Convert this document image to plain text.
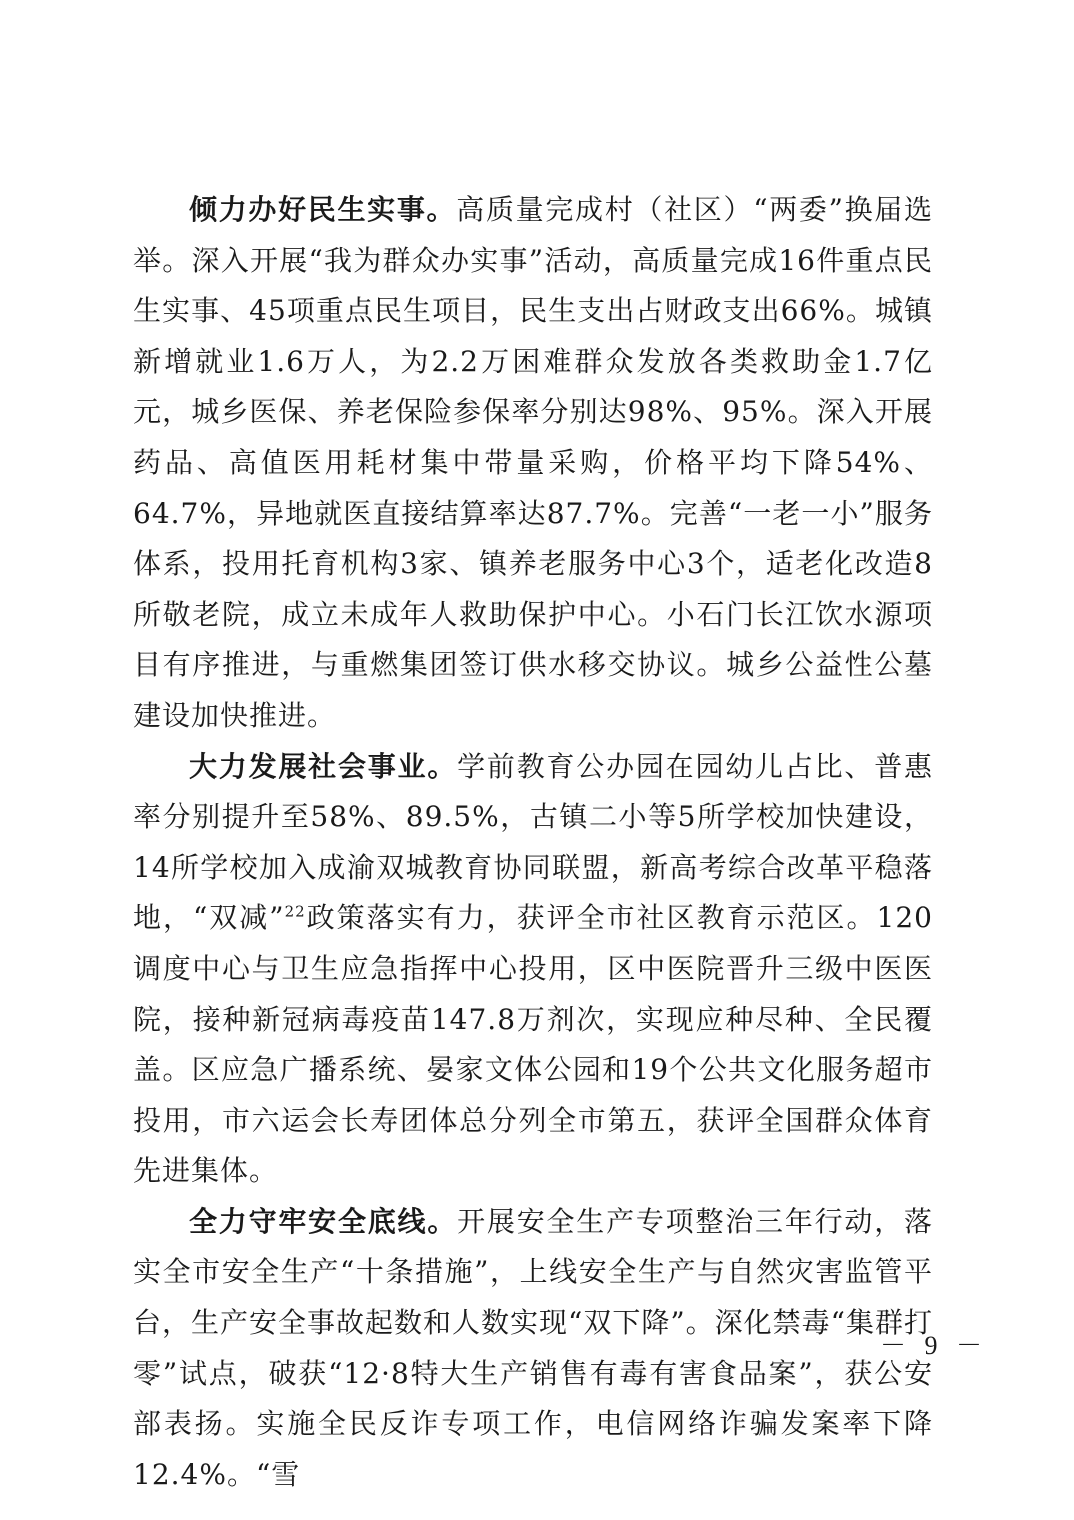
倾力办好民生实事。高质量完成村（社区）“两委”换届选举。深入开展“我为群众办实事”活动，高质量完成16件重点民生实事、45项重点民生项目，民生支出占财政支出66%。城镇新增就业1.6万人，为2.2万困难群众发放各类救助金1.7亿元，城乡医保、养老保险参保率分别达98%、95%。深入开展药品、高值医用耗材集中带量采购，价格平均下降54%、64.7%，异地就医直接结算率达87.7%。完善“一老一小”服务体系，投用托育机构3家、镇养老服务中心3个，适老化改造8所敬老院，成立未成年人救助保护中心。小石门长江饮水源项目有序推进，与重燃集团签订供水移交协议。城乡公益性公墓建设加快推进。

大力发展社会事业。学前教育公办园在园幼儿占比、普惠率分别提升至58%、89.5%，古镇二小等5所学校加快建设，14所学校加入成渝双城教育协同联盟，新高考综合改革平稳落地，“双减”$^{22}$政策落实有力，获评全市社区教育示范区。120调度中心与卫生应急指挥中心投用，区中医院晋升三级中医医院，接种新冠病毒疫苗147.8万剂次，实现应种尽种、全民覆盖。区应急广播系统、晏家文体公园和19个公共文化服务超市投用，市六运会长寿团体总分列全市第五，获评全国群众体育先进集体。

全力守牢安全底线。开展安全生产专项整治三年行动，落实全市安全生产“十条措施”，上线安全生产与自然灾害监管平台，生产安全事故起数和人数实现“双下降”。深化禁毒“集群打零”试点，破获“12·8特大生产销售有毒有害食品案”，获公安部表扬。实施全民反诈专项工作，电信网络诈骗发案率下降12.4%。“雪

－ 9 －
